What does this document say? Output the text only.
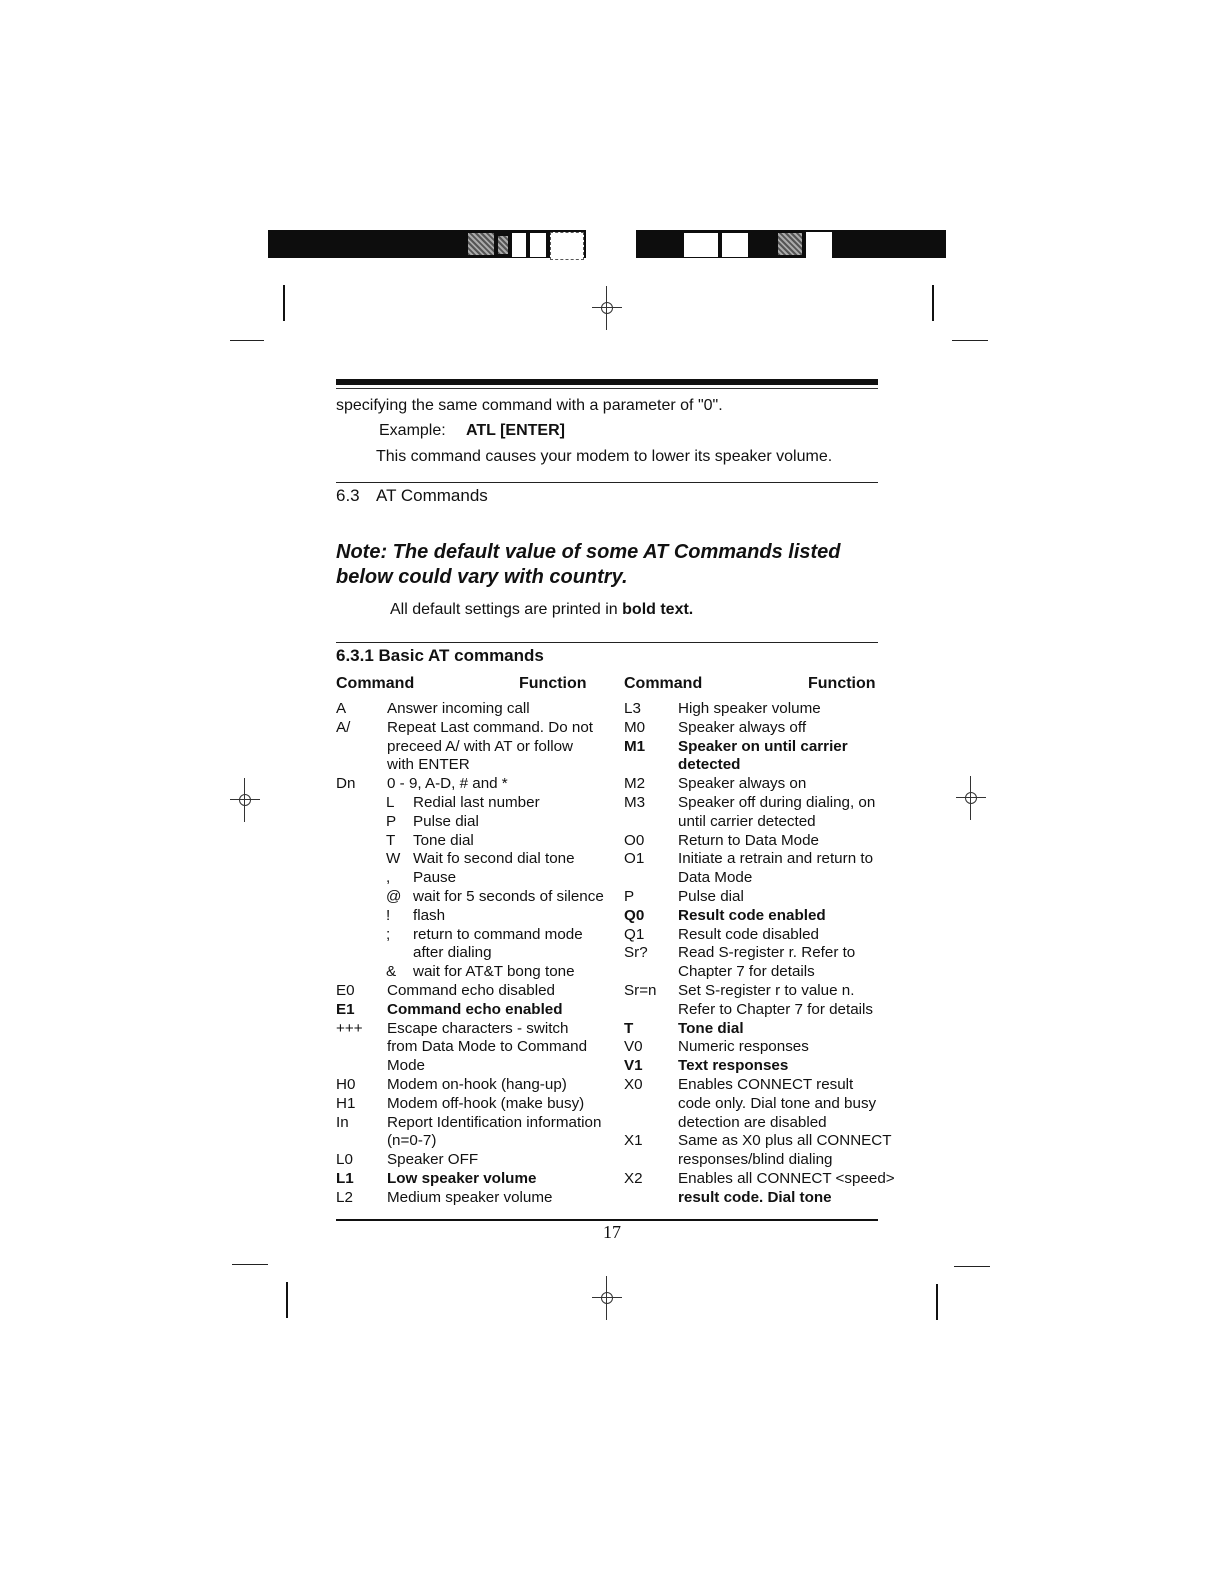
specifying the same command with a parameter of "0".
Example: ATL [ENTER]
This command causes your modem to lower its speaker volume.
6.3 AT Commands
Note: The default value of some AT Commands listed below could vary with country.
All default settings are printed in bold text.
6.3.1 Basic AT commands
Command	Function Command	Function
A	Answer incoming call
A/ Repeat Last command. Do not
preceed A/ with AT or follow
with ENTER
Dn 0 - 9, A-D, # and *
L Redial last number
P Pulse dial
T Tone dial
W Wait fo second dial tone
, Pause
@ wait for 5 seconds of silence
! flash
; return to command mode
after dialing
& wait for AT&T bong tone
E0 Command echo disabled
E1 Command echo enabled
+++ Escape characters - switch
from Data Mode to Command
Mode
H0 Modem on-hook (hang-up)
H1 Modem off-hook (make busy)
In	Report Identification information
(n=0-7)
L0 Speaker OFF
L1 Low speaker volume
L2 Medium speaker volume
L3 High speaker volume
M0 Speaker always off
M1 Speaker on until carrier
detected
M2 Speaker always on
M3 Speaker off during dialing, on
until carrier detected
O0 Return to Data Mode
O1 Initiate a retrain and return to
Data Mode
P	Pulse dial
Q0 Result code enabled
Q1 Result code disabled
Sr? Read S-register r. Refer to
Chapter 7 for details
Sr=n Set S-register r to value n.
Refer to Chapter 7 for details
T	Tone dial
V0 Numeric responses
V1 Text responses
X0 Enables CONNECT result
code only. Dial tone and busy
detection are disabled
X1 Same as X0 plus all CONNECT
responses/blind dialing
X2 Enables all CONNECT <speed>
result code. Dial tone
17
